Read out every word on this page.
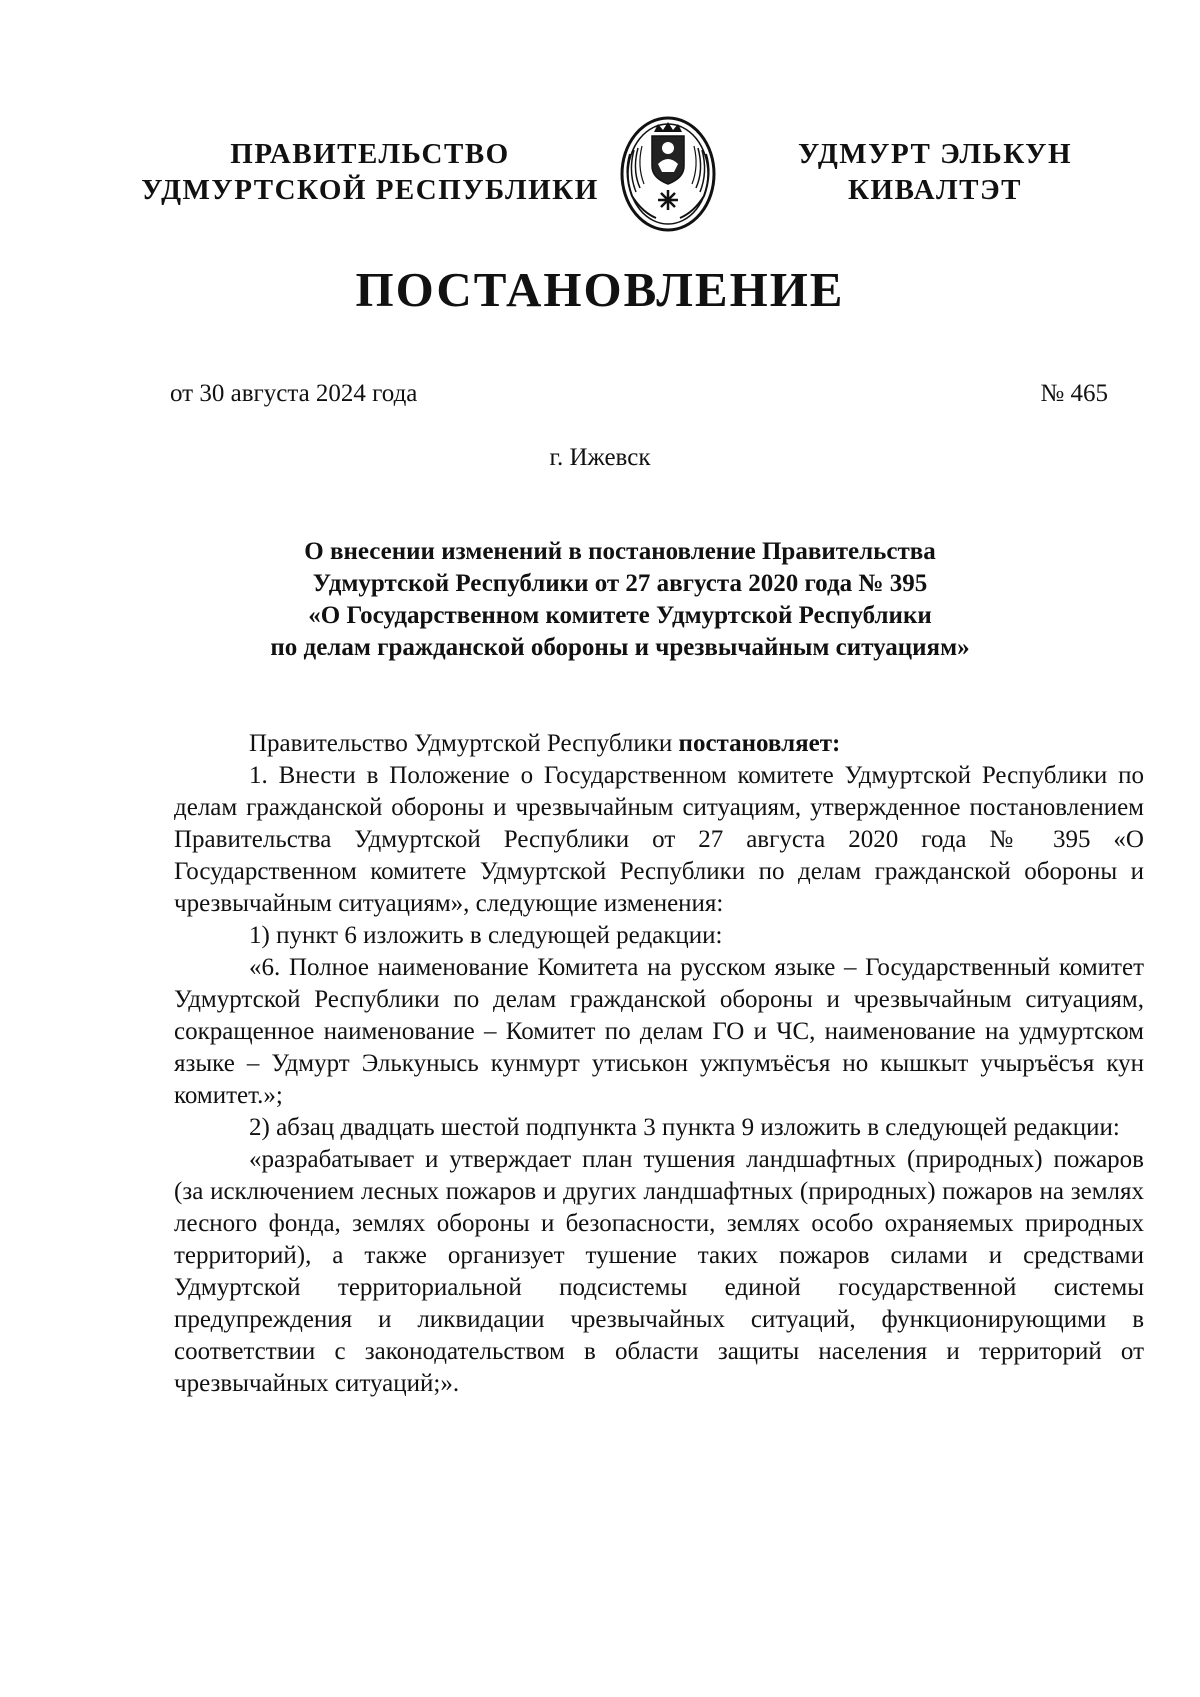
ПРАВИТЕЛЬСТВО
УДМУРТСКОЙ РЕСПУБЛИКИ
УДМУРТ ЭЛЬКУН
КИВАЛТЭТ
ПОСТАНОВЛЕНИЕ
от 30 августа 2024 года	№ 465
г. Ижевск
О внесении изменений в постановление Правительства
Удмуртской Республики от 27 августа 2020 года № 395
«О Государственном комитете Удмуртской Республики
по делам гражданской обороны и чрезвычайным ситуациям»

Правительство Удмуртской Республики постановляет:

1. Внести в Положение о Государственном комитете Удмуртской Республики по делам гражданской обороны и чрезвычайным ситуациям, утвержденное постановлением Правительства Удмуртской Республики от 27 августа 2020 года № 395 «О Государственном комитете Удмуртской Республики по делам гражданской обороны и чрезвычайным ситуациям», следующие изменения:

1) пункт 6 изложить в следующей редакции:

«6. Полное наименование Комитета на русском языке – Государственный комитет Удмуртской Республики по делам гражданской обороны и чрезвычайным ситуациям, сокращенное наименование – Комитет по делам ГО и ЧС, наименование на удмуртском языке – Удмурт Элькунысь кунмурт утиськон ужпумъёсъя но кышкыт учыръёсъя кун комитет.»;

2) абзац двадцать шестой подпункта 3 пункта 9 изложить в следующей редакции:

«разрабатывает и утверждает план тушения ландшафтных (природных) пожаров (за исключением лесных пожаров и других ландшафтных (природных) пожаров на землях лесного фонда, землях обороны и безопасности, землях особо охраняемых природных территорий), а также организует тушение таких пожаров силами и средствами Удмуртской территориальной подсистемы единой государственной системы предупреждения и ликвидации чрезвычайных ситуаций, функционирующими в соответствии с законодательством в области защиты населения и территорий от чрезвычайных ситуаций;».
